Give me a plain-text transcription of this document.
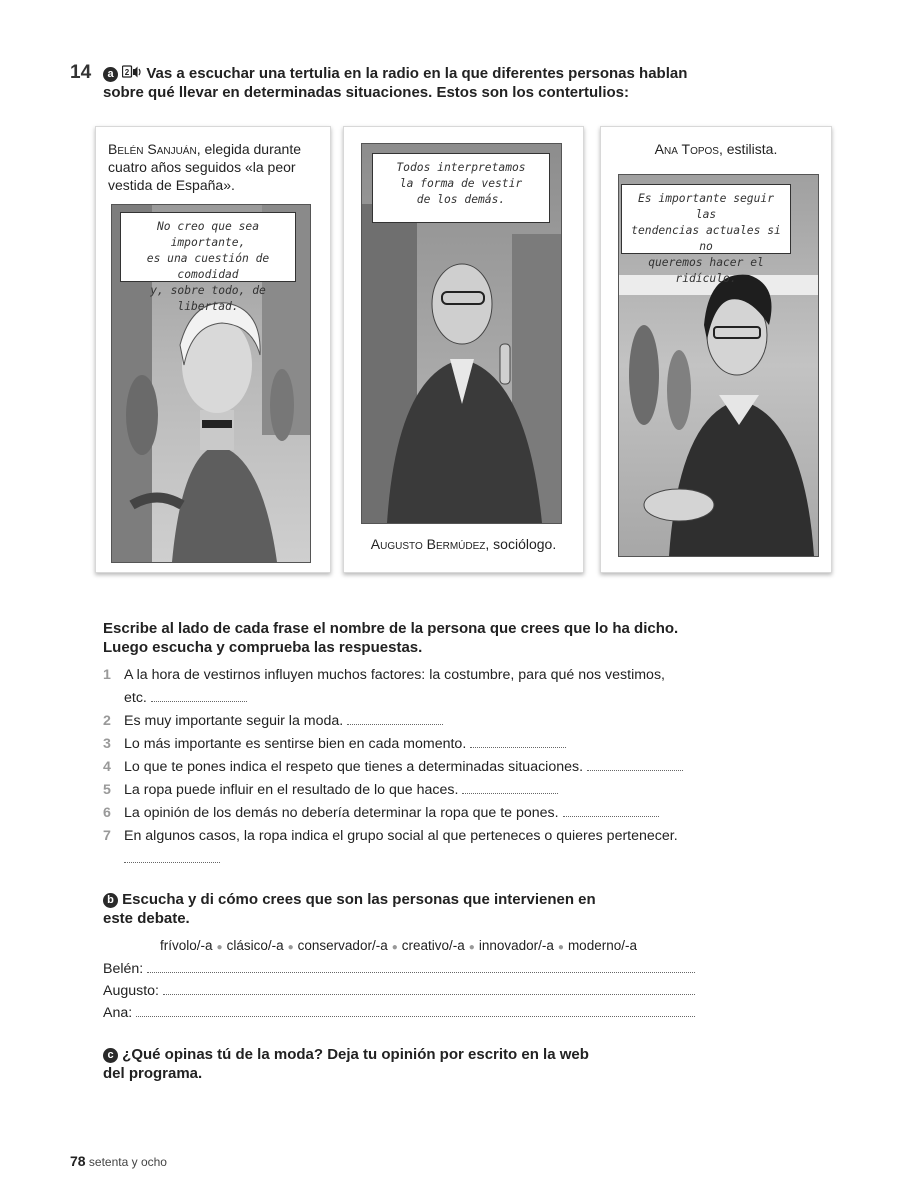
14	a 2 Vas a escuchar una tertulia en la radio en la que diferentes personas hablan
sobre qué llevar en determinadas situaciones. Estos son los contertulios:
Belén Sanjuán, elegida durante
cuatro años seguidos «la peor
vestida de España».
No creo que sea importante,
es una cuestión de comodidad
y, sobre todo, de libertad.
Todos interpretamos
la forma de vestir
de los demás.
Augusto Bermúdez, sociólogo.
Ana Topos, estilista.
Es importante seguir las
tendencias actuales si no
queremos hacer el ridículo.
Escribe al lado de cada frase el nombre de la persona que crees que lo ha dicho.
Luego escucha y comprueba las respuestas.
1 A la hora de vestirnos influyen muchos factores: la costumbre, para qué nos vestimos,
etc.
2 Es muy importante seguir la moda.
3 Lo más importante es sentirse bien en cada momento.
4 Lo que te pones indica el respeto que tienes a determinadas situaciones.
5 La ropa puede influir en el resultado de lo que haces.
6 La opinión de los demás no debería determinar la ropa que te pones.
7 En algunos casos, la ropa indica el grupo social al que perteneces o quieres pertenecer.

b Escucha y di cómo crees que son las personas que intervienen en
este debate.
frívolo/-a ● clásico/-a ● conservador/-a ● creativo/-a ● innovador/-a ● moderno/-a
Belén:
Augusto:
Ana:
c ¿Qué opinas tú de la moda? Deja tu opinión por escrito en la web
del programa.
78 setenta y ocho
